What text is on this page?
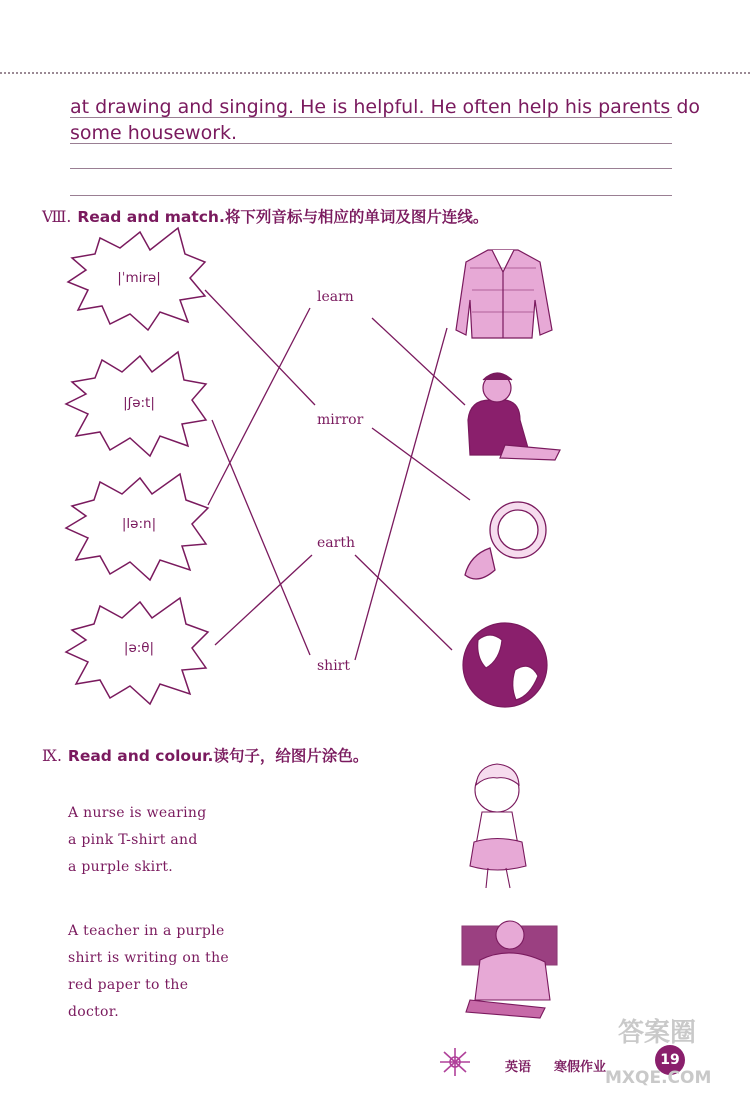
at drawing and singing. He is helpful. He often help his parents do
some housework.
Ⅷ. Read and match.将下列音标与相应的单词及图片连线。
|ˈmirə|
|ʃə:t|
|lə:n|
|ə:θ|
learn
mirror
earth
shirt
Ⅸ. Read and colour.读句子，给图片涂色。
A nurse is wearing
a pink T-shirt and
a purple skirt.
A teacher in a purple
shirt is writing on the
red paper to the
doctor.
英语 寒假作业	19
答案圈
MXQE.COM
